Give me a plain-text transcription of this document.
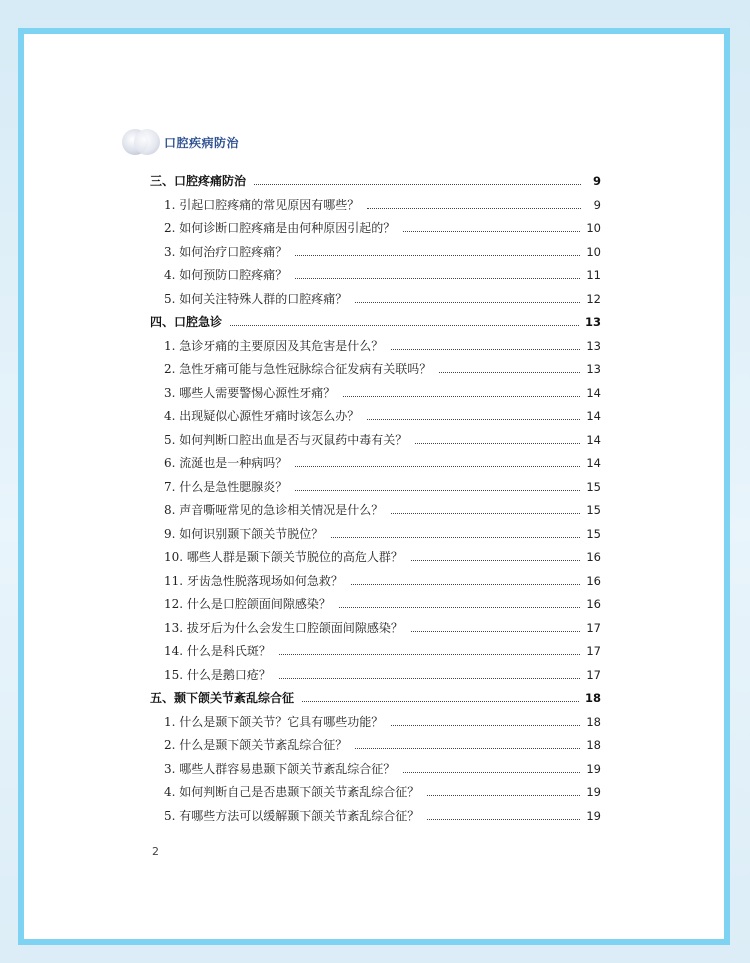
口腔疾病防治
三、口腔疼痛防治	9
1. 引起口腔疼痛的常见原因有哪些？	9
2. 如何诊断口腔疼痛是由何种原因引起的？	10
3. 如何治疗口腔疼痛？	10
4. 如何预防口腔疼痛？	11
5. 如何关注特殊人群的口腔疼痛？	12
四、口腔急诊	13
1. 急诊牙痛的主要原因及其危害是什么？	13
2. 急性牙痛可能与急性冠脉综合征发病有关联吗？	13
3. 哪些人需要警惕心源性牙痛？	14
4. 出现疑似心源性牙痛时该怎么办？	14
5. 如何判断口腔出血是否与灭鼠药中毒有关？	14
6. 流涎也是一种病吗？	14
7. 什么是急性腮腺炎？	15
8. 声音嘶哑常见的急诊相关情况是什么？	15
9. 如何识别颞下颌关节脱位？	15
10. 哪些人群是颞下颌关节脱位的高危人群？	16
11. 牙齿急性脱落现场如何急救？	16
12. 什么是口腔颌面间隙感染？	16
13. 拔牙后为什么会发生口腔颌面间隙感染？	17
14. 什么是科氏斑？	17
15. 什么是鹅口疮？	17
五、颞下颌关节紊乱综合征	18
1. 什么是颞下颌关节？它具有哪些功能？	18
2. 什么是颞下颌关节紊乱综合征？	18
3. 哪些人群容易患颞下颌关节紊乱综合征？	19
4. 如何判断自己是否患颞下颌关节紊乱综合征？	19
5. 有哪些方法可以缓解颞下颌关节紊乱综合征？	19
2
